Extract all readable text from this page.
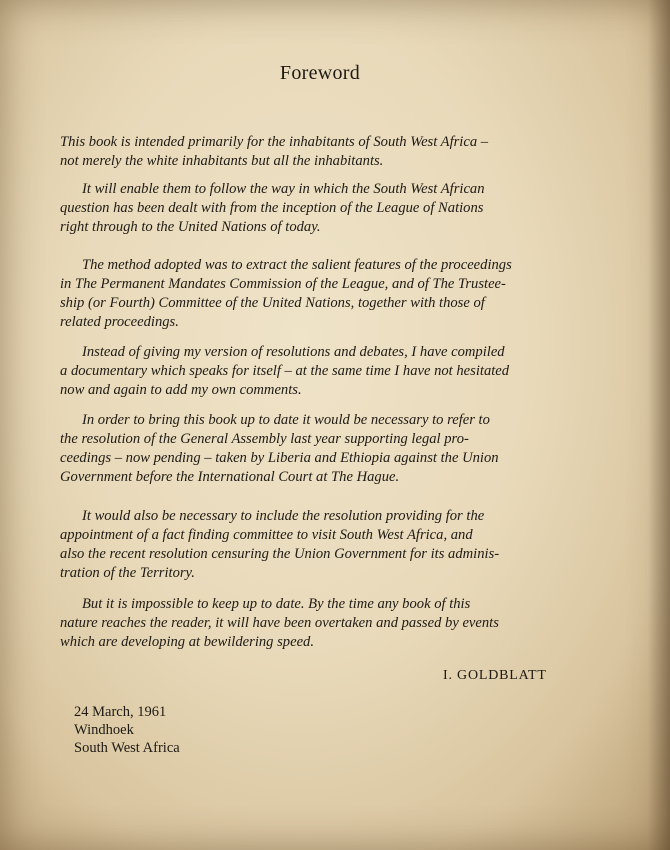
Foreword

This book is intended primarily for the inhabitants of South West Africa –
not merely the white inhabitants but all the inhabitants.

It will enable them to follow the way in which the South West African
question has been dealt with from the inception of the League of Nations
right through to the United Nations of today.

The method adopted was to extract the salient features of the proceedings
in The Permanent Mandates Commission of the League, and of The Trustee-
ship (or Fourth) Committee of the United Nations, together with those of
related proceedings.

Instead of giving my version of resolutions and debates, I have compiled
a documentary which speaks for itself – at the same time I have not hesitated
now and again to add my own comments.

In order to bring this book up to date it would be necessary to refer to
the resolution of the General Assembly last year supporting legal pro-
ceedings – now pending – taken by Liberia and Ethiopia against the Union
Government before the International Court at The Hague.

It would also be necessary to include the resolution providing for the
appointment of a fact finding committee to visit South West Africa, and
also the recent resolution censuring the Union Government for its adminis-
tration of the Territory.

But it is impossible to keep up to date. By the time any book of this
nature reaches the reader, it will have been overtaken and passed by events
which are developing at bewildering speed.

I. GOLDBLATT
24 March, 1961
Windhoek
South West Africa
